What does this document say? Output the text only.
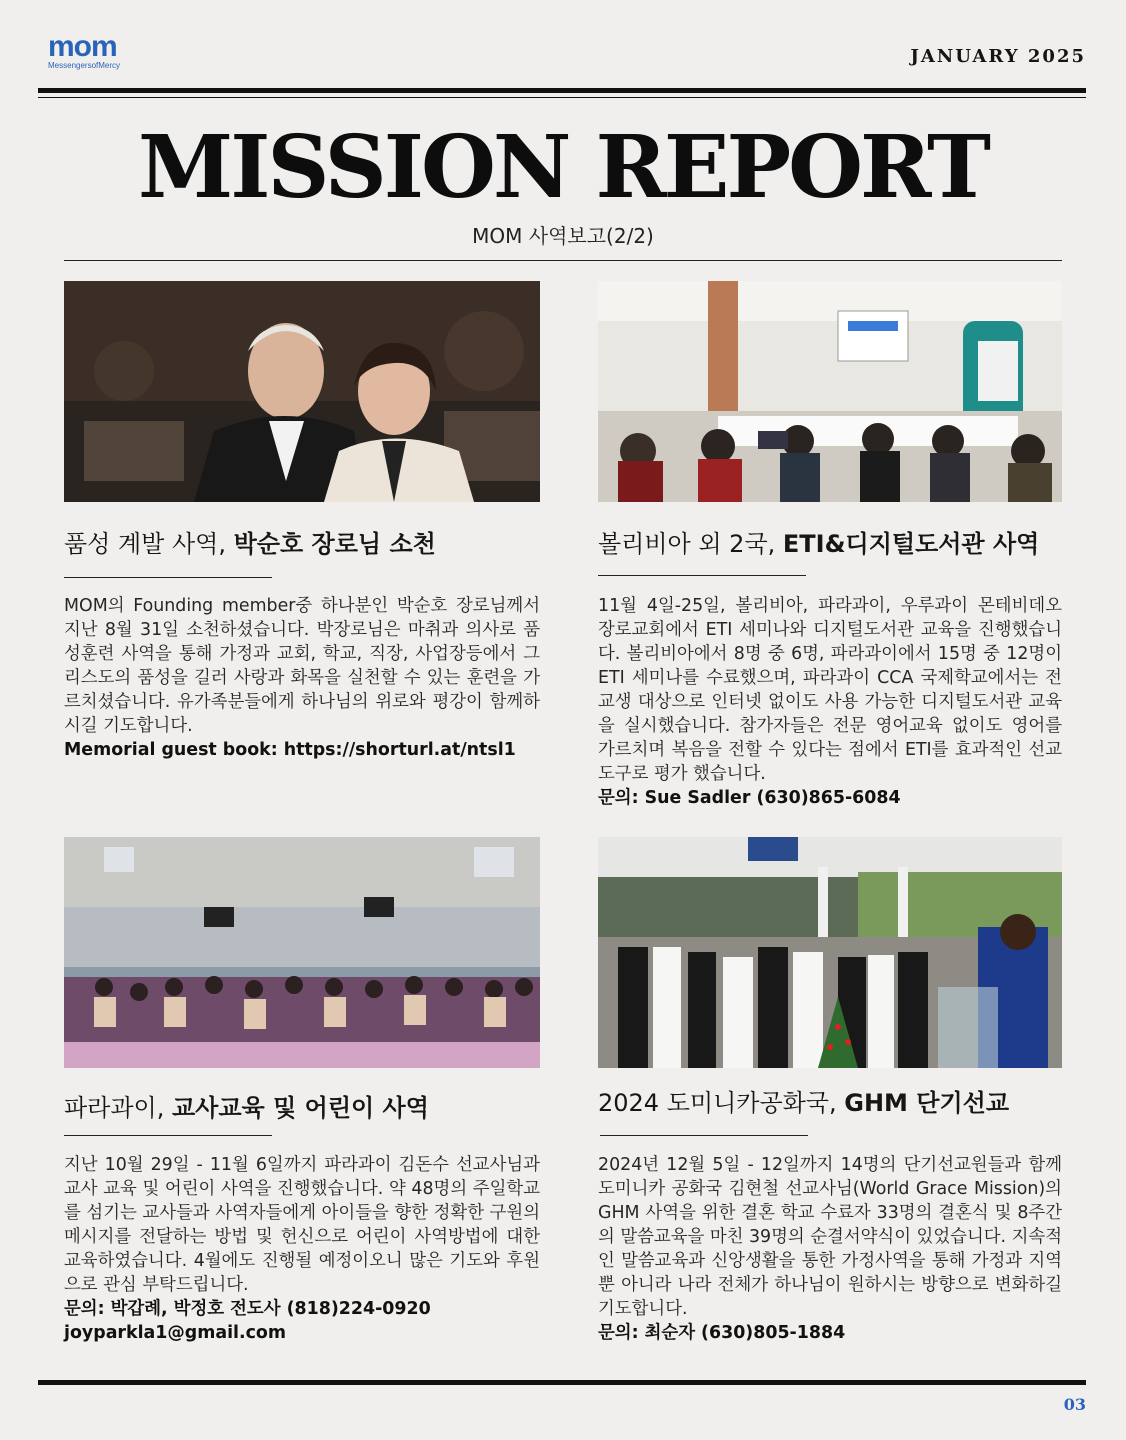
mom
MessengersofMercy	JANUARY 2025
MISSION REPORT
MOM 사역보고(2/2)
품성 계발 사역, 박순호 장로님 소천

MOM의 Founding member중 하나분인 박순호 장로님께서 지난 8월 31일 소천하셨습니다. 박장로님은 마취과 의사로 품성훈련 사역을 통해 가정과 교회, 학교, 직장, 사업장등에서 그리스도의 품성을 길러 사랑과 화목을 실천할 수 있는 훈련을 가르치셨습니다. 유가족분들에게 하나님의 위로와 평강이 함께하시길 기도합니다.

Memorial guest book: https://shorturl.at/ntsl1

볼리비아 외 2국, ETI&디지털도서관 사역

11월 4일-25일, 볼리비아, 파라과이, 우루과이 몬테비데오 장로교회에서 ETI 세미나와 디지털도서관 교육을 진행했습니다. 볼리비아에서 8명 중 6명, 파라과이에서 15명 중 12명이 ETI 세미나를 수료했으며, 파라과이 CCA 국제학교에서는 전교생 대상으로 인터넷 없이도 사용 가능한 디지털도서관 교육을 실시했습니다. 참가자들은 전문 영어교육 없이도 영어를 가르치며 복음을 전할 수 있다는 점에서 ETI를 효과적인 선교 도구로 평가 했습니다.

문의: Sue Sadler (630)865-6084

파라과이, 교사교육 및 어린이 사역

지난 10월 29일 - 11월 6일까지 파라과이 김돈수 선교사님과 교사 교육 및 어린이 사역을 진행했습니다. 약 48명의 주일학교를 섬기는 교사들과 사역자들에게 아이들을 향한 정확한 구원의 메시지를 전달하는 방법 및 헌신으로 어린이 사역방법에 대한 교육하였습니다. 4월에도 진행될 예정이오니 많은 기도와 후원으로 관심 부탁드립니다.

문의: 박갑례, 박정호 전도사 (818)224-0920

joyparkla1@gmail.com

2024 도미니카공화국, GHM 단기선교

2024년 12월 5일 - 12일까지 14명의 단기선교원들과 함께 도미니카 공화국 김현철 선교사님(World Grace Mission)의 GHM 사역을 위한 결혼 학교 수료자 33명의 결혼식 및 8주간의 말씀교육을 마친 39명의 순결서약식이 있었습니다. 지속적인 말씀교육과 신앙생활을 통한 가정사역을 통해 가정과 지역 뿐 아니라 나라 전체가 하나님이 원하시는 방향으로 변화하길 기도합니다.

문의: 최순자 (630)805-1884

03
